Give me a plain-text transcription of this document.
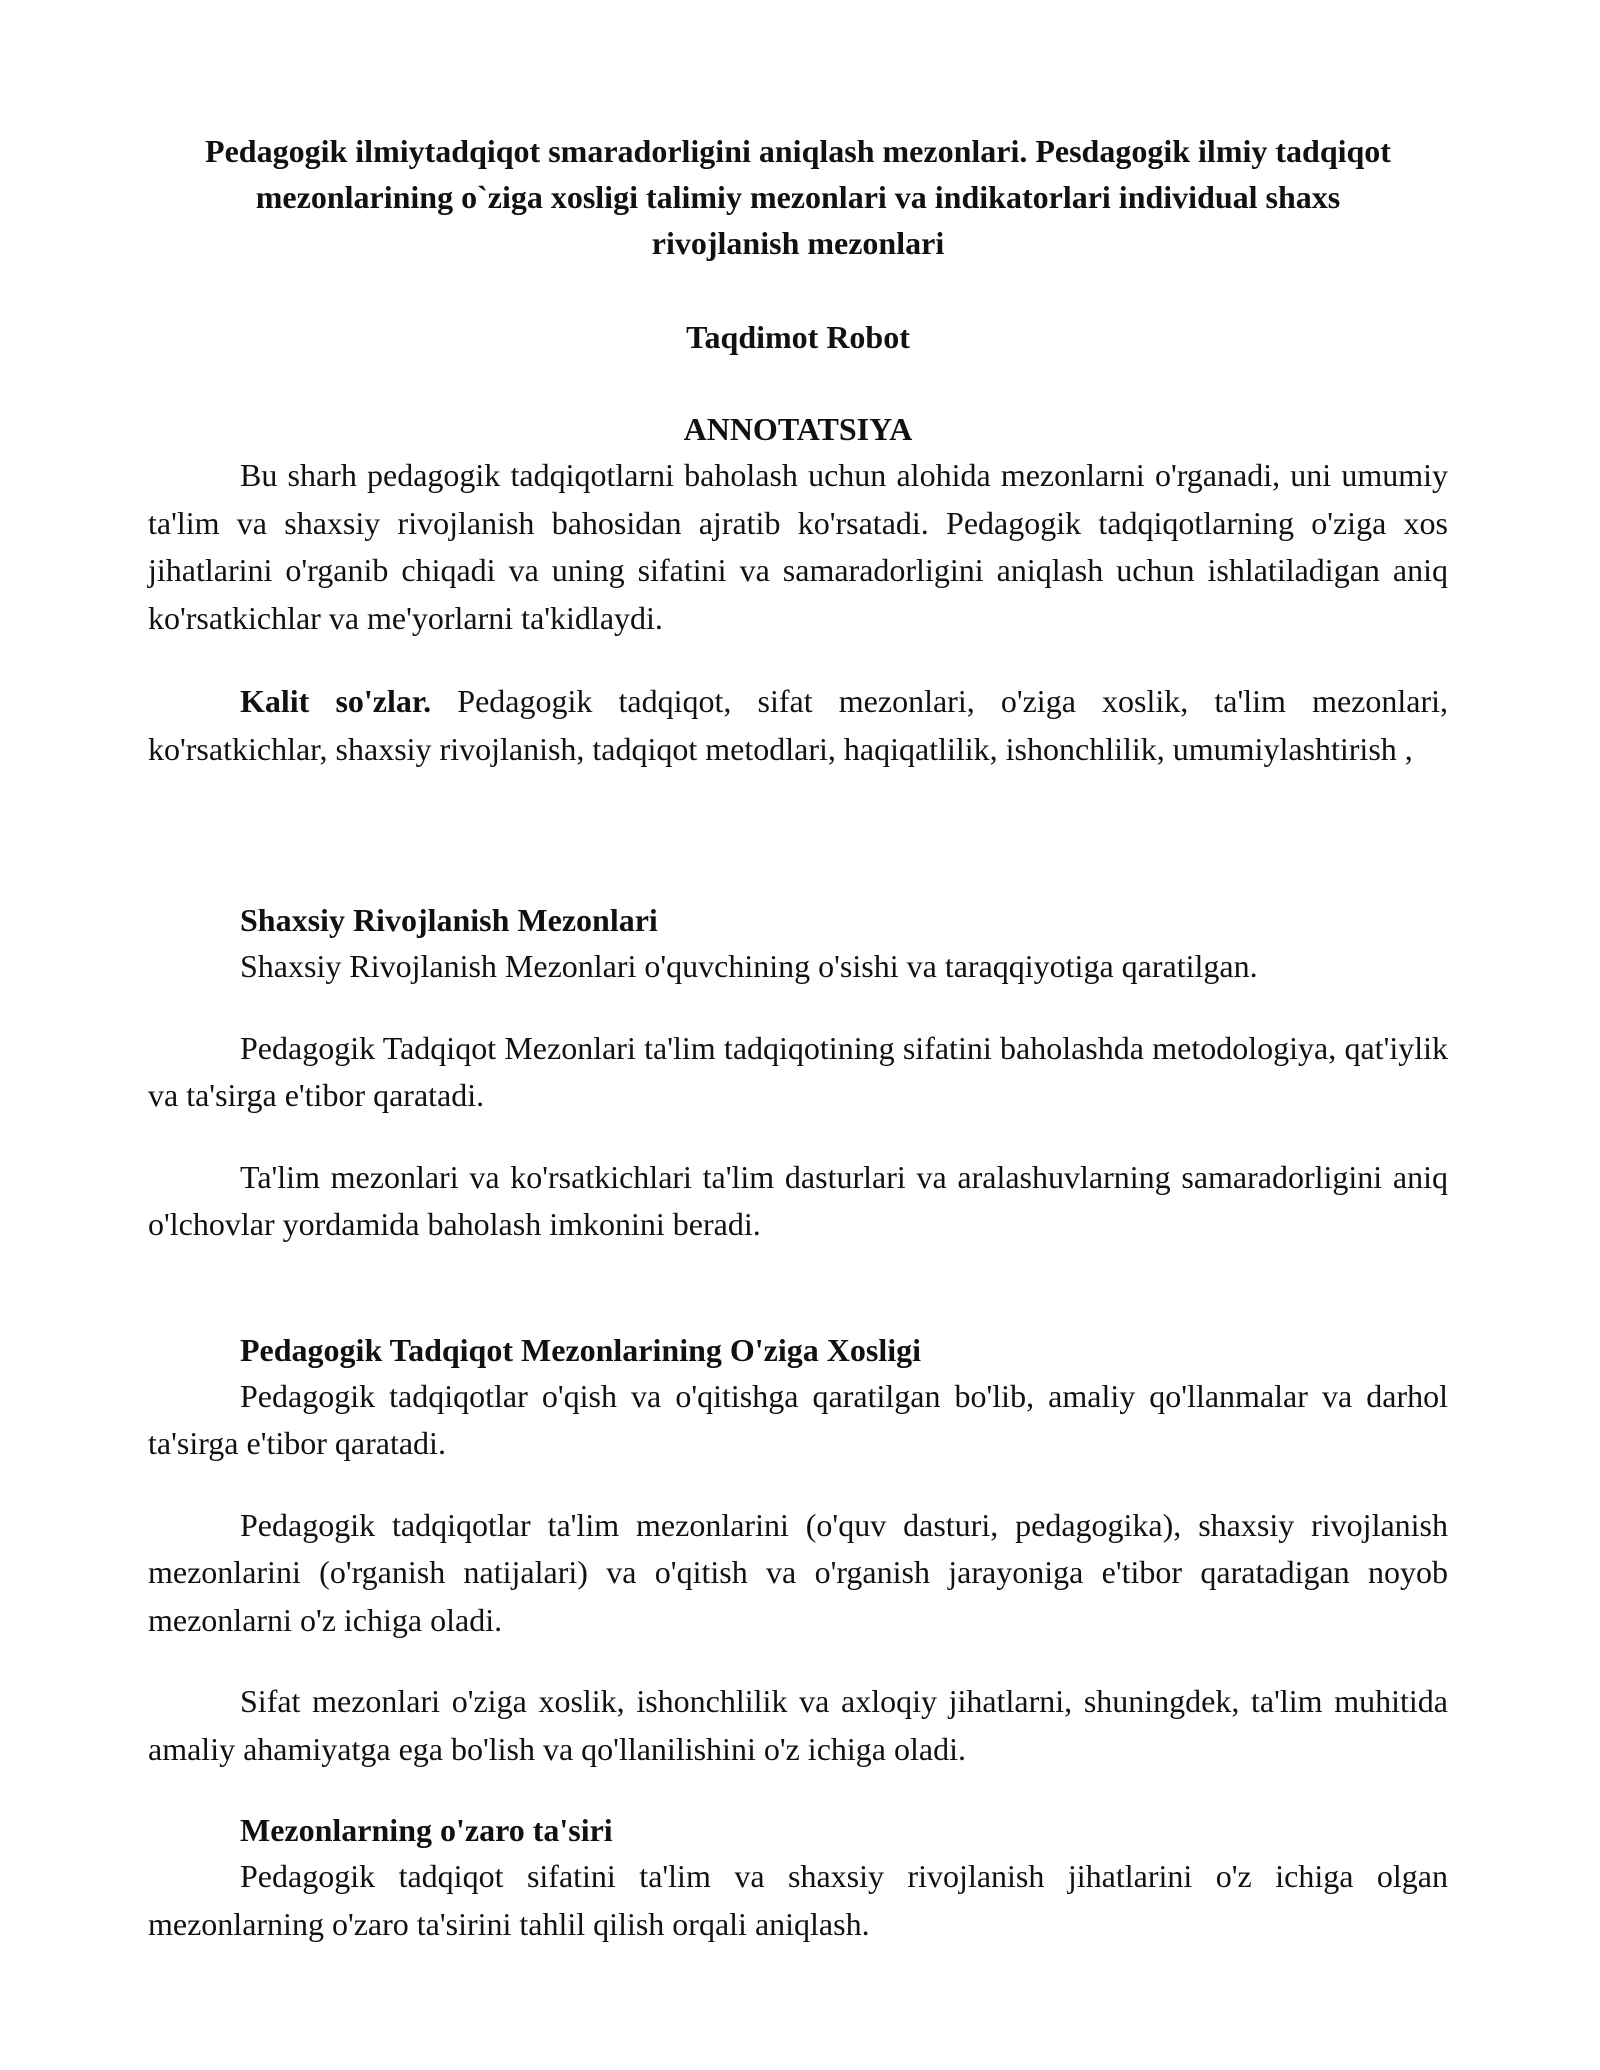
Pedagogik ilmiytadqiqot smaradorligini aniqlash mezonlari. Pesdagogik ilmiy tadqiqot mezonlarining o`ziga xosligi talimiy mezonlari va indikatorlari individual shaxs rivojlanish mezonlari
Taqdimot Robot
ANNOTATSIYA

Bu sharh pedagogik tadqiqotlarni baholash uchun alohida mezonlarni o'rganadi, uni umumiy ta'lim va shaxsiy rivojlanish bahosidan ajratib ko'rsatadi. Pedagogik tadqiqotlarning o'ziga xos jihatlarini o'rganib chiqadi va uning sifatini va samaradorligini aniqlash uchun ishlatiladigan aniq ko'rsatkichlar va me'yorlarni ta'kidlaydi.

Kalit so'zlar. Pedagogik tadqiqot, sifat mezonlari, o'ziga xoslik, ta'lim mezonlari, ko'rsatkichlar, shaxsiy rivojlanish, tadqiqot metodlari, haqiqatlilik, ishonchlilik, umumiylashtirish ,

Shaxsiy Rivojlanish Mezonlari

Shaxsiy Rivojlanish Mezonlari o'quvchining o'sishi va taraqqiyotiga qaratilgan.

Pedagogik Tadqiqot Mezonlari ta'lim tadqiqotining sifatini baholashda metodologiya, qat'iylik va ta'sirga e'tibor qaratadi.

Ta'lim mezonlari va ko'rsatkichlari ta'lim dasturlari va aralashuvlarning samaradorligini aniq o'lchovlar yordamida baholash imkonini beradi.

Pedagogik Tadqiqot Mezonlarining O'ziga Xosligi

Pedagogik tadqiqotlar o'qish va o'qitishga qaratilgan bo'lib, amaliy qo'llanmalar va darhol ta'sirga e'tibor qaratadi.

Pedagogik tadqiqotlar ta'lim mezonlarini (o'quv dasturi, pedagogika), shaxsiy rivojlanish mezonlarini (o'rganish natijalari) va o'qitish va o'rganish jarayoniga e'tibor qaratadigan noyob mezonlarni o'z ichiga oladi.

Sifat mezonlari o'ziga xoslik, ishonchlilik va axloqiy jihatlarni, shuningdek, ta'lim muhitida amaliy ahamiyatga ega bo'lish va qo'llanilishini o'z ichiga oladi.

Mezonlarning o'zaro ta'siri

Pedagogik tadqiqot sifatini ta'lim va shaxsiy rivojlanish jihatlarini o'z ichiga olgan mezonlarning o'zaro ta'sirini tahlil qilish orqali aniqlash.
